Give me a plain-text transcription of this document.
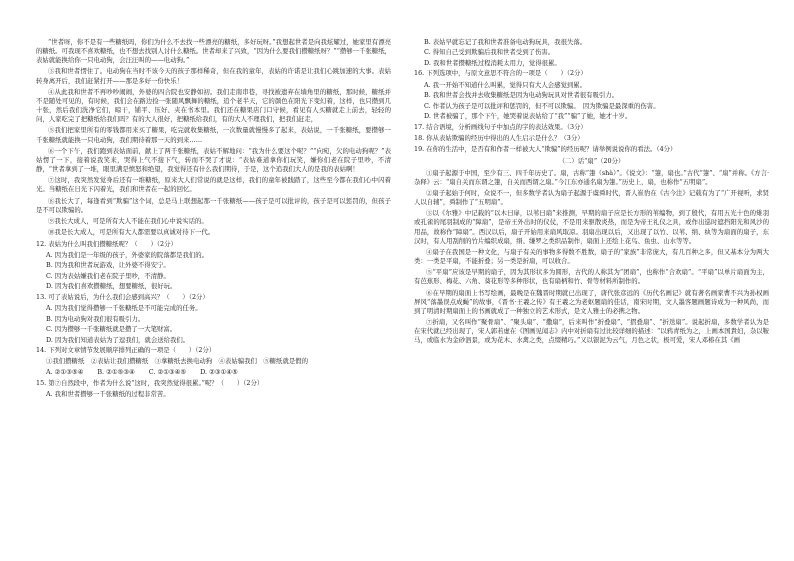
“世者呀，你不是有一些糖纸吗，你们为什么不去找一些漂亮的糖纸，多好玩呀。”我想起世者是向我炫耀过，她家里有漂亮的糖纸。可我现不喜欢糖纸，也不想去找别人讨什么糖纸。世者却来了兴致，“因为什么要我们攒糖纸呀？”“攒够一千张糖纸，表姑就能换给你一只电动狗，会汪汪叫的——电动狗。”

③我和世者愣住了。电动狗在当时不该今天的孩子那样稀奇，但在我的童年，表姑的许诺是让我们心跳加速的大事。表姑转身离开后，我们赶紧打开——那是多好一份快乐！

④从此我和世者不再吵吵闹闹，外婆的四合院也安静如初。我们走南串巷，寻找被遗弃在墙角里的糖纸，那时候，糖纸并不是随处可见的，有时候，我们会在路边捡一张随风飘舞的糖纸，追个老半天，它的颜色在阳光下变幻着，这样，也只攒到几十张，然后我们洗净它们，晾干，铺平、压好、夹在书本里。我们还在糖果店门口守候，看见有人买糖就走上前去，轻轻的问，人家吃完了把糖纸给我们吗？有的大人很好，把糖纸给我们，有的大人不理我们，把我们赶走，

⑤我们把家里所有的零钱都用来买了糖果，吃完就收集糖纸，一次数量就慢慢多了起来，表姑说，一千张糖纸，要攒够一千张糖纸就能换一只电动狗，我们期待着那一天的到来……

⑥一个下午，我们跑到表姑面前，献上了两千张糖纸，表姑不解地问：“我为什么要这个呢？”“向宛，欠的电动狗呢？”表姑愣了一下，接着说我笑来，哭得上气不接下气，转而不哭了才说：“表姑难道拿你们玩笑，嫌你们老在院子里吵，不清静，“世者拿到了一堆，眼里满是愤怒和绝望，我觉得还有什么我们期待，于是，这个追我们大人的是我的表姑啊！

⑦这时，我突然发觉身后还有一堆糖纸，原来大人们常说的就是这样，我们的童年被践踏了，这些至今都在我们心中闪着光。当糖纸在日光下闪着光，我们和世者在一起的回忆。

⑧我长大了，每逢看到“欺骗”这个词，总是马上联想起那一千张糖纸——孩子是可以批评的，孩子是可以惩罚的，但孩子是不可以欺骗的。

⑨我长大成人，可是所有大人不能在我们心中说实话的。

⑩我是长大成人，可是所有大人都需要以真诚对待下一代。

12. 表姑为什么叫我们攒糖纸呢？（　　）（2分）

A. 因为我们是一年级的孩子，外婆家的院落都是我们的。

B. 因为我和世者玩游戏，让外婆不得安宁。

C. 因为表姑嫌我们老在院子里吵，不清静。

D. 因为我们喜欢攒糖纸，想要糖纸，很好玩。

13. 可了表姑说后，为什么我们会感到高兴？（　　）（2分）

A. 因为我们觉得攒够一千张糖纸是不可能完成的任务。

B. 因为电动狗对我们很有吸引力。

C. 因为攒够一千张糖纸就是攒了一大笔财富。

D. 因为我们知道表姑为了逗我们，就会送给我们。

14. 下列对文章情节发展顺序排列正确的一项是（　　）（2分）

①我们攒糖纸　②表姑让我们攒糖纸　③拿糖纸去换电动狗　④表姑骗我们　⑤糖纸就是假的

A. ②①③⑤④ B. ②①⑤③④ C. ②①③④⑤ D. ②③①④⑤

15. 第⑦自然段中，作者为什么说“这时，我突然觉得很累。”呢？（　　）（2分）

A. 我和世者攒够一千张糖纸的过程非常苦。

B. 表姑早就忘记了我和世者准备电动狗玩具，我很失落。

C. 得知自己受到欺骗后我和世者受到了伤害。

D. 我和世者攒糖纸过程消耗太用力，觉得很累。

16. 下列选项中，与原文意思不符合的一项是（　　）（2分）

A. 我一开始不知道什么叫累，觉得只有大人会感觉到累。

B. 我和世者会找并去收集糖纸是因为电动狗玩具对世者很有吸引力。

C. 作者认为孩子是可以批评和惩罚的，但不可以欺骗。　因为欺骗是最深重的伤害。

D. 世者被骗了，那个下午，她哭着说表姑给了“我”“骗”了她，她才十岁。

17. 结合语境，分析画线句子中加点的字的表达效果。（3分）

18. 你从表姑欺骗的经历中得出的人生启示是什么？（3分）

19. 在你的生活中，是否有和作者一样被大人“欺骗”的经历呢？请举例说说你的看法。（4分）

（二）话“扇”（20分）

①扇子起源于中国，至少有三、四千年历史了。扇，古称“箑（shà）”。《说文》：“箑，扇也。”古代“箑”、“扇”并称。《方言·杂释》云：“扇自关而东谓之箑，自关而西谓之扇。”今江东亦通名扇为箑。”历史上，扇，也称作“五明扇”。

②扇子起始于何时，众说不一，但多数学者认为扇子起源于虞舜时代，晋人崔豹在《古今注》记载有为了“广开视听，求贤人以自辅”，舜制作了“五明扇”。

③以《尔雅》中记载的“以木曰扉，以苇曰扇”来推测，早期的扇子应是长方形的苇编物，到了殷代，有用五光十色的雉羽或孔雀的尾羽制成的“障扇”，是帝王外出时的仪仗，不是用来驱散炎热，而是为帝王礼仪之具，或作出巡时遮挡阳光和风沙的用品，故称作“障扇”。西汉以后，扇子开始用来扇风取凉。羽扇出现以后，又出现了以竹、以苇、绢、纨等为扇面的扇子，东汉时，有人用刮削的竹片编织成扇，绢、缣罗之类织品制作，扇面上还绘上花鸟、鱼虫、山水等等。

④扇子在我国是一种文化，与扇子有关的事物多得数不胜数，扇子的“家族”非常庞大，有几百种之多，但又基本分为两大类：一类是平扇，不能折叠；另一类是折扇，可以收合。

⑤“平扇”应该是早期的扇子，因为其形状多为圆形，古代的人称其为“团扇”，也称作“合欢扇”。“平扇”以单片扇面为主，有芭蕉形、梅花、六角、葵花形等多种形状，也有扇柄和竹、骨等材料所制作的。

⑥在早期的扇面上书写绘画，最晚是在魏晋时期就已出现了，唐代张彦远的《历代名画记》就有著名画家曹不兴为孙权画屏风“落墨误点成蝇”的故事，《晋书·王羲之传》有王羲之为老妪题扇的佳话，南宋时期，文人墨客题画题诗成为一种风尚，而到了明清时期扇面上的书画就成了一种独立的艺术形式，是文人雅士的必携之物。

⑦折扇，又名叫作“聚骨扇”、“聚头扇”、“撒扇”，后来叫作“折叠扇”、“摺叠扇”、“折迭扇”。说起折扇，多数学者认为是在宋代就已经出现了，宋人郭若虚在《图画见闻志》内中对折扇有过比较详细的描述：“以鸦青纸为之，上画本国貴妇，杂以鞍马，或临水为金砂泗景，或为花木、水禽之类，点缀精巧。”又以银泥为云气，月色之状，极可爱，宋人邓椿在其《画
